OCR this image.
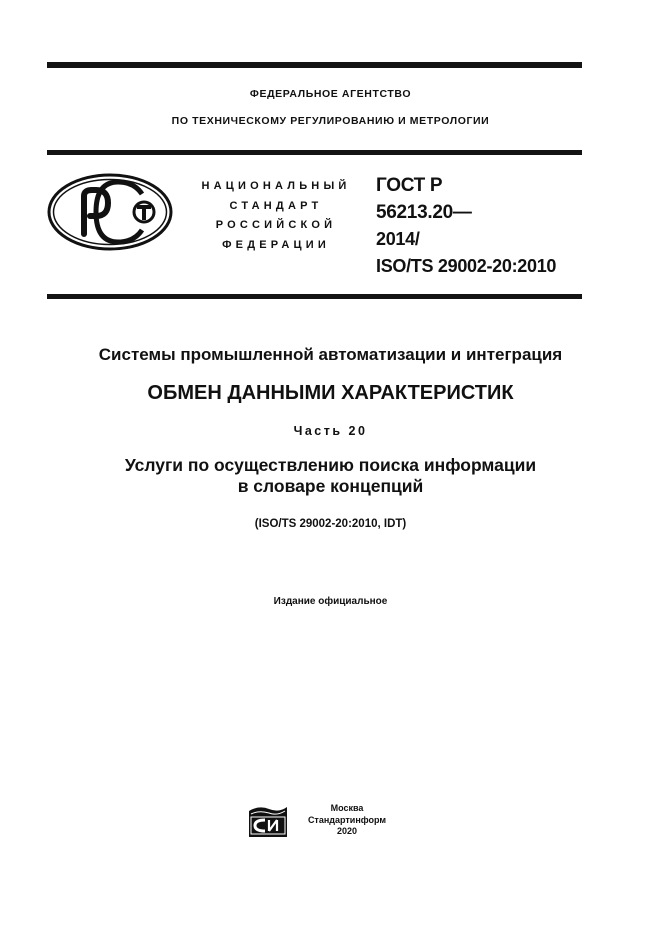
ФЕДЕРАЛЬНОЕ АГЕНТСТВО
ПО ТЕХНИЧЕСКОМУ РЕГУЛИРОВАНИЮ И МЕТРОЛОГИИ
НАЦИОНАЛЬНЫЙ
СТАНДАРТ
РОССИЙСКОЙ
ФЕДЕРАЦИИ
ГОСТ Р
56213.20—
2014/
ISO/TS 29002-20:2010
Системы промышленной автоматизации и интеграция
ОБМЕН ДАННЫМИ ХАРАКТЕРИСТИК
Часть 20
Услуги по осуществлению поиска информации
в словаре концепций
(ISO/TS 29002-20:2010, IDT)
Издание официальное
Москва
Стандартинформ
2020
